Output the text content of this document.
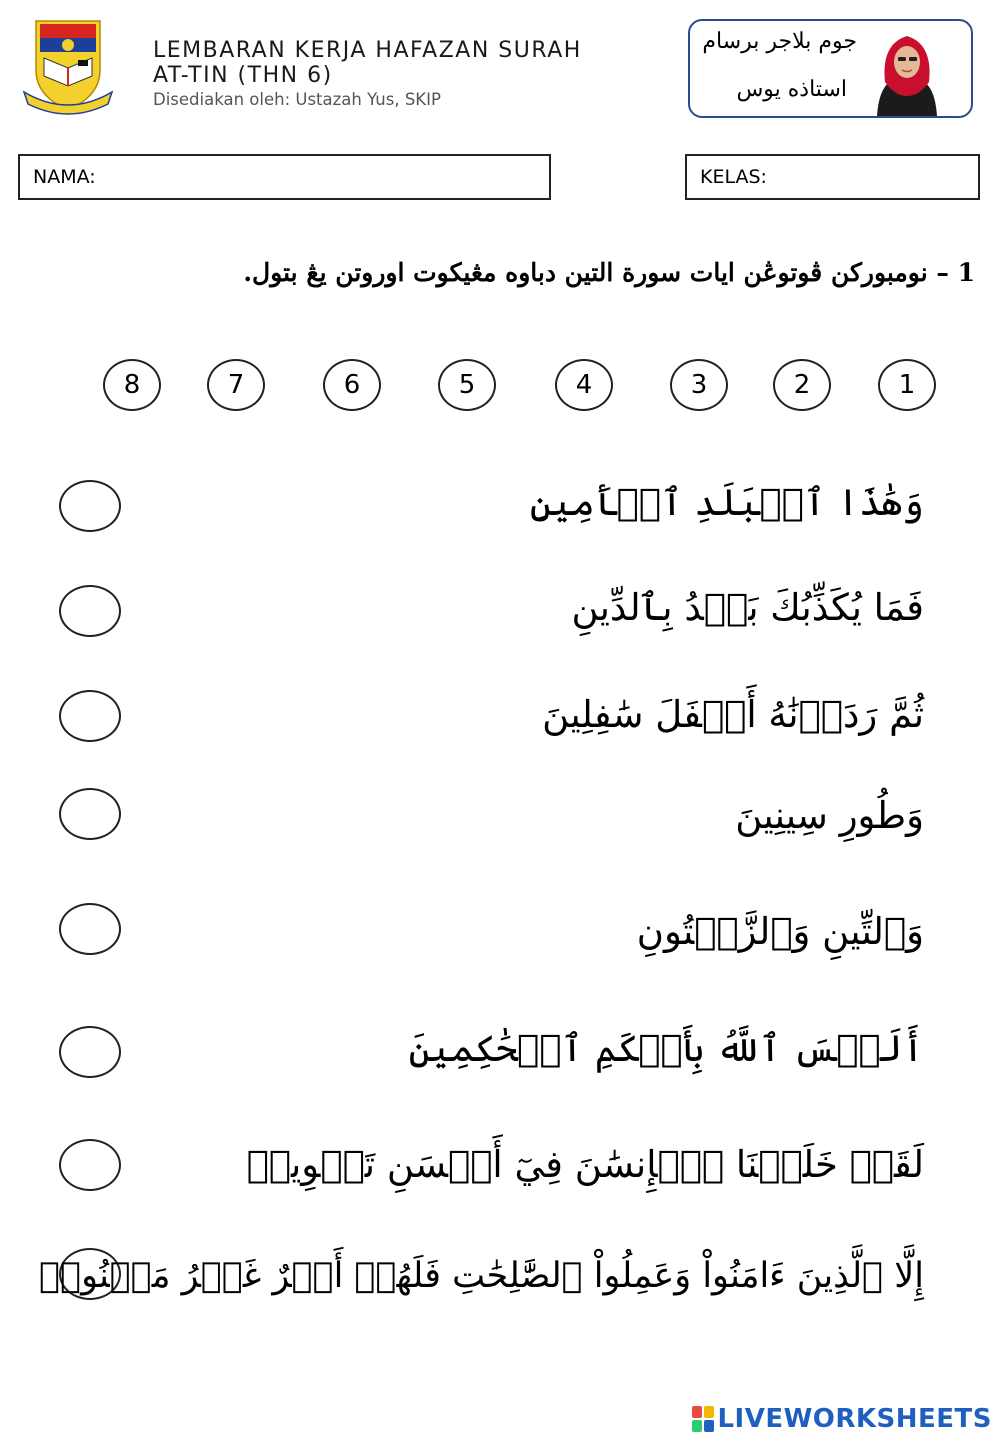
LEMBARAN KERJA HAFAZAN SURAH
AT-TIN (THN 6)
Disediakan oleh: Ustazah Yus, SKIP
جوم بلاجر برسام
استاذه يوس
NAMA:	KELAS:
1 – نومبوركن ڤوتوڠن ايات سورة التين دباوه مڠيكوت اوروتن يڠ بتول.
8	7	6	5	4	3	2	1
وَهَٰذَا ٱلۡبَلَدِ ٱلۡأَمِينِ
فَمَا يُكَذِّبُكَ بَعۡدُ بِٱلدِّينِ
ثُمَّ رَدَدۡنَٰهُ أَسۡفَلَ سَٰفِلِينَ
وَطُورِ سِينِينَ
وَٱلتِّينِ وَٱلزَّيۡتُونِ
أَلَيۡسَ ٱللَّهُ بِأَحۡكَمِ ٱلۡحَٰكِمِينَ
لَقَدۡ خَلَقۡنَا ٱلۡإِنسَٰنَ فِيٓ أَحۡسَنِ تَقۡوِيمٖ
إِلَّا ٱلَّذِينَ ءَامَنُواْ وَعَمِلُواْ ٱلصَّٰلِحَٰتِ فَلَهُمۡ أَجۡرٌ غَيۡرُ مَمۡنُونٖ
LIVEWORKSHEETS
